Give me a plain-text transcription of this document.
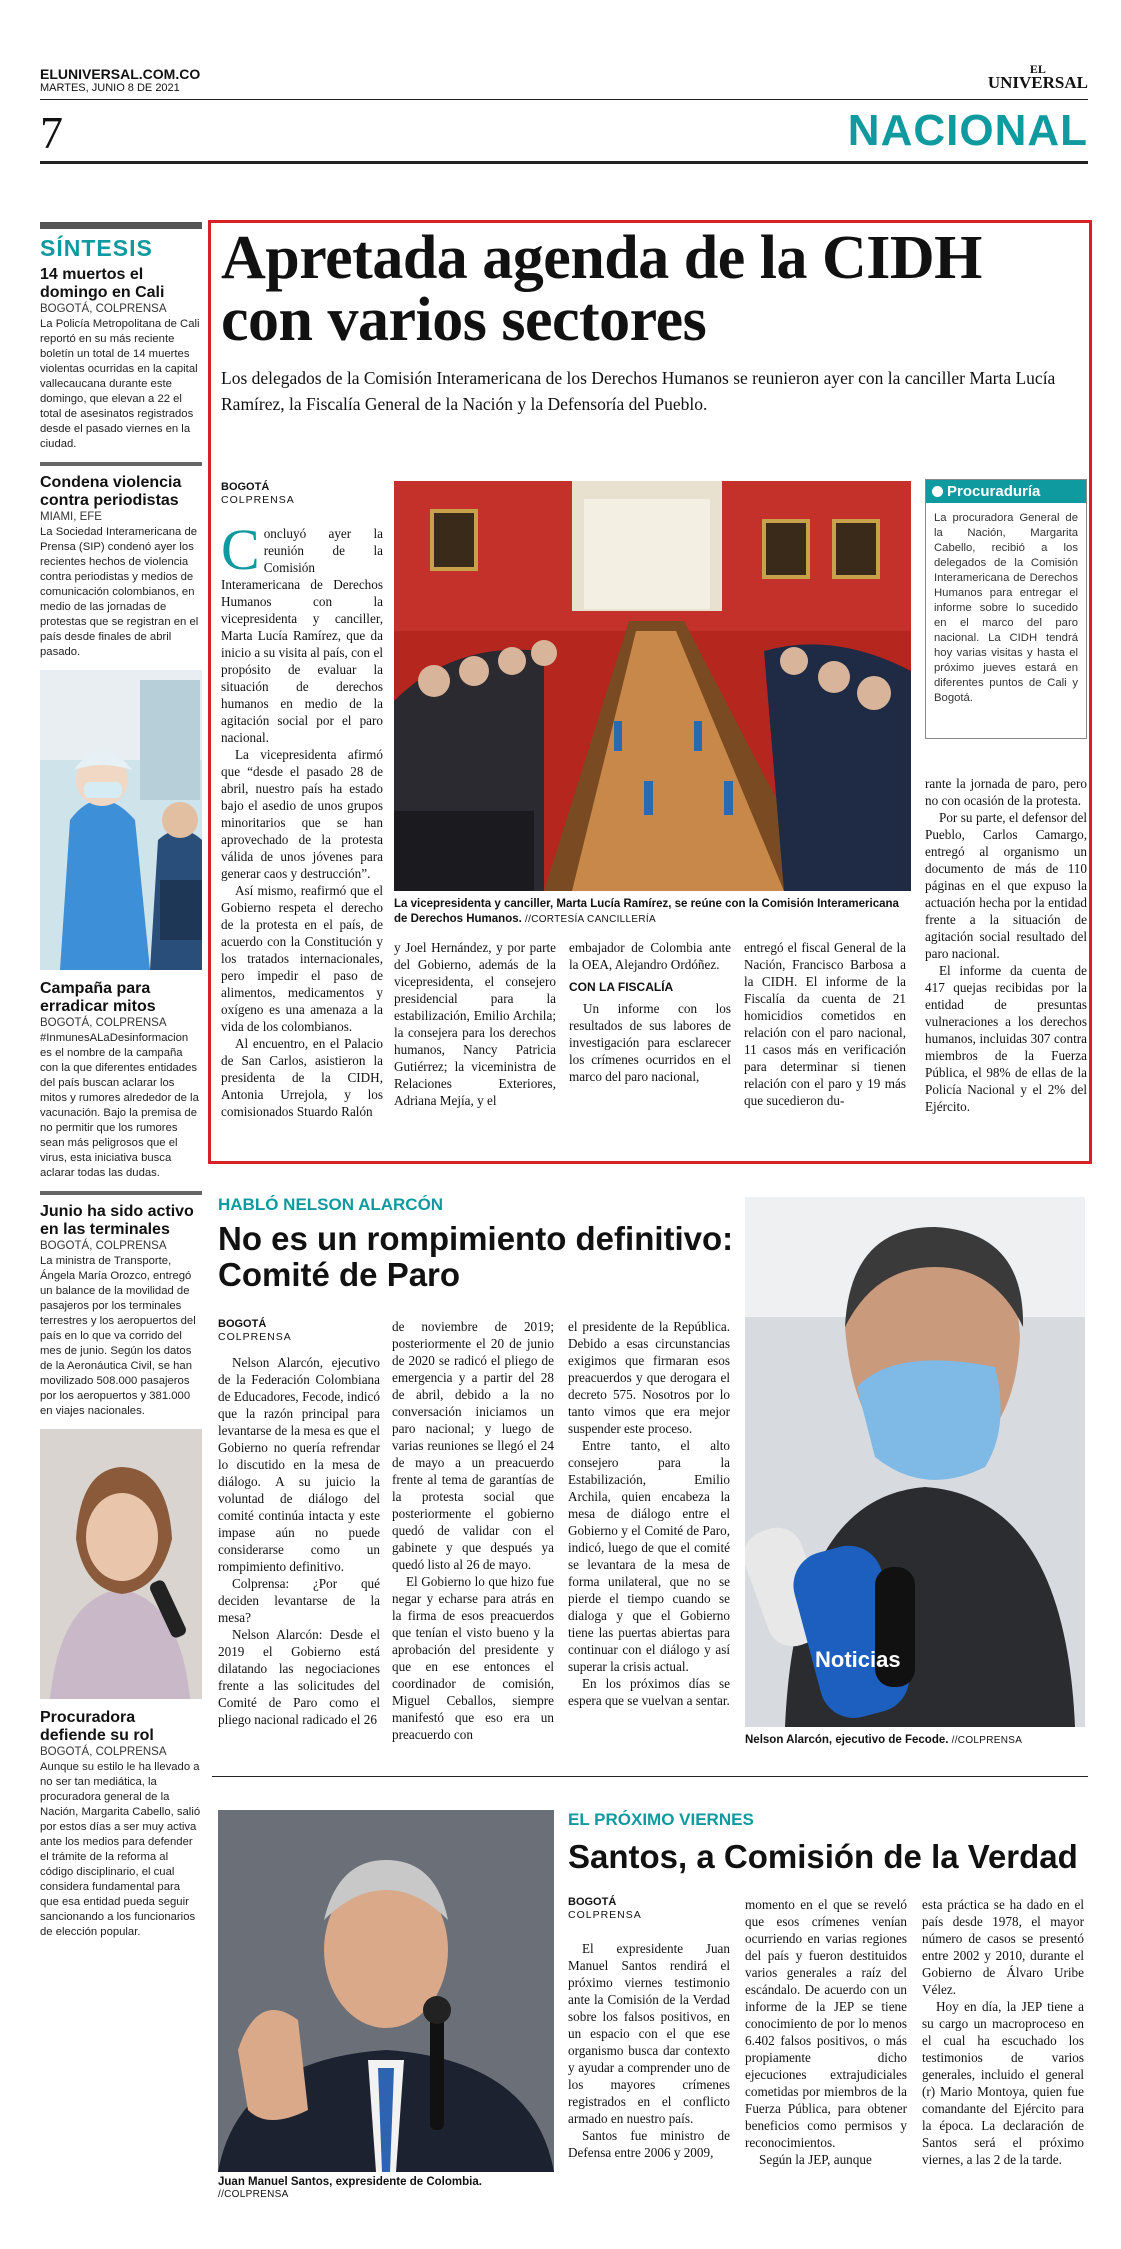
ELUNIVERSAL.COM.CO
MARTES, JUNIO 8 DE 2021
EL
UNIVERSAL
7	NACIONAL
SÍNTESIS
14 muertos el domingo en Cali
BOGOTÁ, COLPRENSA

La Policía Metropolitana de Cali reportó en su más reciente boletín un total de 14 muertes violentas ocurridas en la capital vallecaucana durante este domingo, que elevan a 22 el total de asesinatos registrados desde el pasado viernes en la ciudad.

Condena violencia contra periodistas
MIAMI, EFE

La Sociedad Interamericana de Prensa (SIP) condenó ayer los recientes hechos de violencia contra periodistas y medios de comunicación colombianos, en medio de las jornadas de protestas que se registran en el país desde finales de abril pasado.

Campaña para erradicar mitos
BOGOTÁ, COLPRENSA

#InmunesALaDesinformacion es el nombre de la campaña con la que diferentes entidades del país buscan aclarar los mitos y rumores alrededor de la vacunación. Bajo la premisa de no permitir que los rumores sean más peligrosos que el virus, esta iniciativa busca aclarar todas las dudas.

Junio ha sido activo en las terminales
BOGOTÁ, COLPRENSA

La ministra de Transporte, Ángela María Orozco, entregó un balance de la movilidad de pasajeros por los terminales terrestres y los aeropuertos del país en lo que va corrido del mes de junio. Según los datos de la Aeronáutica Civil, se han movilizado 508.000 pasajeros por los aeropuertos y 381.000 en viajes nacionales.

Procuradora defiende su rol
BOGOTÁ, COLPRENSA

Aunque su estilo le ha llevado a no ser tan mediática, la procuradora general de la Nación, Margarita Cabello, salió por estos días a ser muy activa ante los medios para defender el trámite de la reforma al código disciplinario, el cual considera fundamental para que esa entidad pueda seguir sancionando a los funcionarios de elección popular.

Apretada agenda de la CIDH con varios sectores

Los delegados de la Comisión Interamericana de los Derechos Humanos se reunieron ayer con la canciller Marta Lucía Ramírez, la Fiscalía General de la Nación y la Defensoría del Pueblo.

BOGOTÁ
COLPRENSA

Concluyó ayer la reunión de la Comisión Interamericana de Derechos Humanos con la vicepresidenta y canciller, Marta Lucía Ramírez, que da inicio a su visita al país, con el propósito de evaluar la situación de derechos humanos en medio de la agitación social por el paro nacional.

La vicepresidenta afirmó que “desde el pasado 28 de abril, nuestro país ha estado bajo el asedio de unos grupos minoritarios que se han aprovechado de la protesta válida de unos jóvenes para generar caos y destrucción”.

Así mismo, reafirmó que el Gobierno respeta el derecho de la protesta en el país, de acuerdo con la Constitución y los tratados internacionales, pero impedir el paso de alimentos, medicamentos y oxígeno es una amenaza a la vida de los colombianos.

Al encuentro, en el Palacio de San Carlos, asistieron la presidenta de la CIDH, Antonia Urrejola, y los comisionados Stuardo Ralón

La vicepresidenta y canciller, Marta Lucía Ramírez, se reúne con la Comisión Interamericana de Derechos Humanos. //CORTESÍA CANCILLERÍA
Procuraduría

La procuradora General de la Nación, Margarita Cabello, recibió a los delegados de la Comisión Interamericana de Derechos Humanos para entregar el informe sobre lo sucedido en el marco del paro nacional. La CIDH tendrá hoy varias visitas y hasta el próximo jueves estará en diferentes puntos de Cali y Bogotá.

y Joel Hernández, y por parte del Gobierno, además de la vicepresidenta, el consejero presidencial para la estabilización, Emilio Archila; la consejera para los derechos humanos, Nancy Patricia Gutiérrez; la viceministra de Relaciones Exteriores, Adriana Mejía, y el

embajador de Colombia ante la OEA, Alejandro Ordóñez.

CON LA FISCALÍA

Un informe con los resultados de sus labores de investigación para esclarecer los crímenes ocurridos en el marco del paro nacional,

entregó el fiscal General de la Nación, Francisco Barbosa a la CIDH. El informe de la Fiscalía da cuenta de 21 homicidios cometidos en relación con el paro nacional, 11 casos más en verificación para determinar si tienen relación con el paro y 19 más que sucedieron du-

rante la jornada de paro, pero no con ocasión de la protesta.

Por su parte, el defensor del Pueblo, Carlos Camargo, entregó al organismo un documento de más de 110 páginas en el que expuso la actuación hecha por la entidad frente a la situación de agitación social resultado del paro nacional.

El informe da cuenta de 417 quejas recibidas por la entidad de presuntas vulneraciones a los derechos humanos, incluidas 307 contra miembros de la Fuerza Pública, el 98% de ellas de la Policía Nacional y el 2% del Ejército.

HABLÓ NELSON ALARCÓN
No es un rompimiento definitivo: Comité de Paro
BOGOTÁ
COLPRENSA

Nelson Alarcón, ejecutivo de la Federación Colombiana de Educadores, Fecode, indicó que la razón principal para levantarse de la mesa es que el Gobierno no quería refrendar lo discutido en la mesa de diálogo. A su juicio la voluntad de diálogo del comité continúa intacta y este impase aún no puede considerarse como un rompimiento definitivo.

Colprensa: ¿Por qué deciden levantarse de la mesa?

Nelson Alarcón: Desde el 2019 el Gobierno está dilatando las negociaciones frente a las solicitudes del Comité de Paro como el pliego nacional radicado el 26

de noviembre de 2019; posteriormente el 20 de junio de 2020 se radicó el pliego de emergencia y a partir del 28 de abril, debido a la no conversación iniciamos un paro nacional; y luego de varias reuniones se llegó el 24 de mayo a un preacuerdo frente al tema de garantías de la protesta social que posteriormente el gobierno quedó de validar con el gabinete y que después ya quedó listo al 26 de mayo.

El Gobierno lo que hizo fue negar y echarse para atrás en la firma de esos preacuerdos que tenían el visto bueno y la aprobación del presidente y que en ese entonces el coordinador de comisión, Miguel Ceballos, siempre manifestó que eso era un preacuerdo con

el presidente de la República. Debido a esas circunstancias exigimos que firmaran esos preacuerdos y que derogara el decreto 575. Nosotros por lo tanto vimos que era mejor suspender este proceso.

Entre tanto, el alto consejero para la Estabilización, Emilio Archila, quien encabeza la mesa de diálogo entre el Gobierno y el Comité de Paro, indicó, luego de que el comité se levantara de la mesa de forma unilateral, que no se pierde el tiempo cuando se dialoga y que el Gobierno tiene las puertas abiertas para continuar con el diálogo y así superar la crisis actual.

En los próximos días se espera que se vuelvan a sentar.

Noticias
Nelson Alarcón, ejecutivo de Fecode. //COLPRENSA
Juan Manuel Santos, expresidente de Colombia. //COLPRENSA
EL PRÓXIMO VIERNES
Santos, a Comisión de la Verdad
BOGOTÁ
COLPRENSA

El expresidente Juan Manuel Santos rendirá el próximo viernes testimonio ante la Comisión de la Verdad sobre los falsos positivos, en un espacio con el que ese organismo busca dar contexto y ayudar a comprender uno de los mayores crímenes registrados en el conflicto armado en nuestro país.

Santos fue ministro de Defensa entre 2006 y 2009,

momento en el que se reveló que esos crímenes venían ocurriendo en varias regiones del país y fueron destituidos varios generales a raíz del escándalo. De acuerdo con un informe de la JEP se tiene conocimiento de por lo menos 6.402 falsos positivos, o más propiamente dicho ejecuciones extrajudiciales cometidas por miembros de la Fuerza Pública, para obtener beneficios como permisos y reconocimientos.

Según la JEP, aunque

esta práctica se ha dado en el país desde 1978, el mayor número de casos se presentó entre 2002 y 2010, durante el Gobierno de Álvaro Uribe Vélez.

Hoy en día, la JEP tiene a su cargo un macroproceso en el cual ha escuchado los testimonios de varios generales, incluido el general (r) Mario Montoya, quien fue comandante del Ejército para la época. La declaración de Santos será el próximo viernes, a las 2 de la tarde.
